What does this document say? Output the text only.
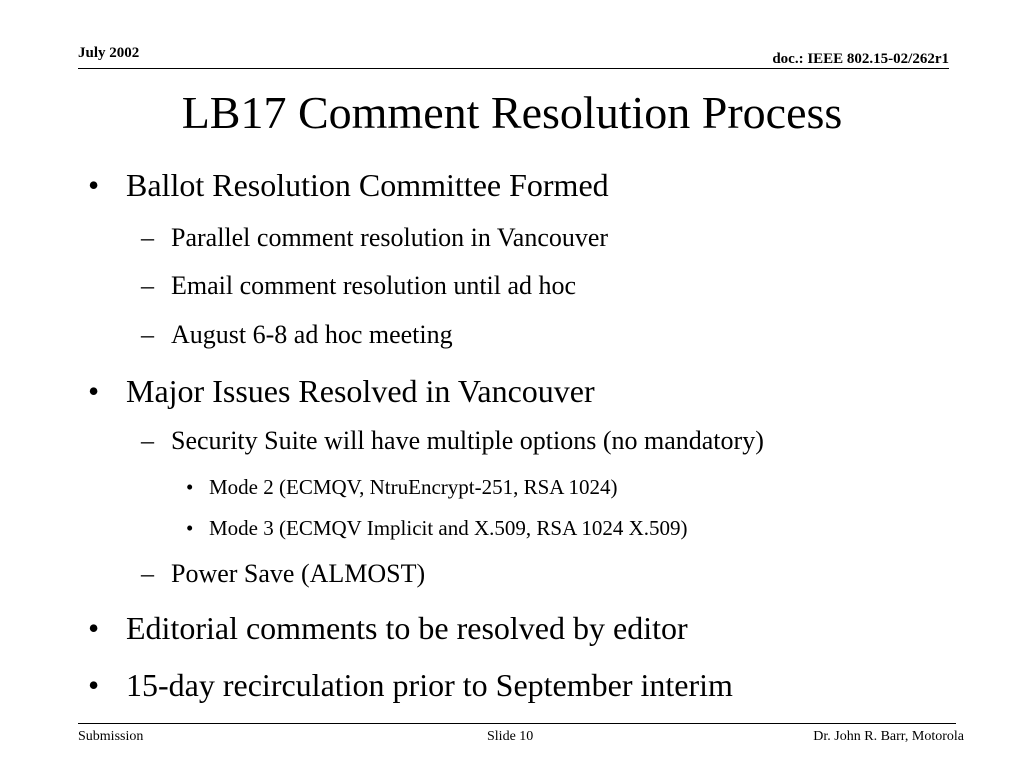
July 2002	doc.: IEEE 802.15-02/262r1
LB17 Comment Resolution Process
• Ballot Resolution Committee Formed
– Parallel comment resolution in Vancouver
– Email comment resolution until ad hoc
– August 6-8 ad hoc meeting
• Major Issues Resolved in Vancouver
– Security Suite will have multiple options (no mandatory)
• Mode 2 (ECMQV, NtruEncrypt-251, RSA 1024)
• Mode 3 (ECMQV Implicit and X.509, RSA 1024 X.509)
– Power Save (ALMOST)
• Editorial comments to be resolved by editor
• 15-day recirculation prior to September interim
Submission	Slide 10	Dr. John R. Barr, Motorola
